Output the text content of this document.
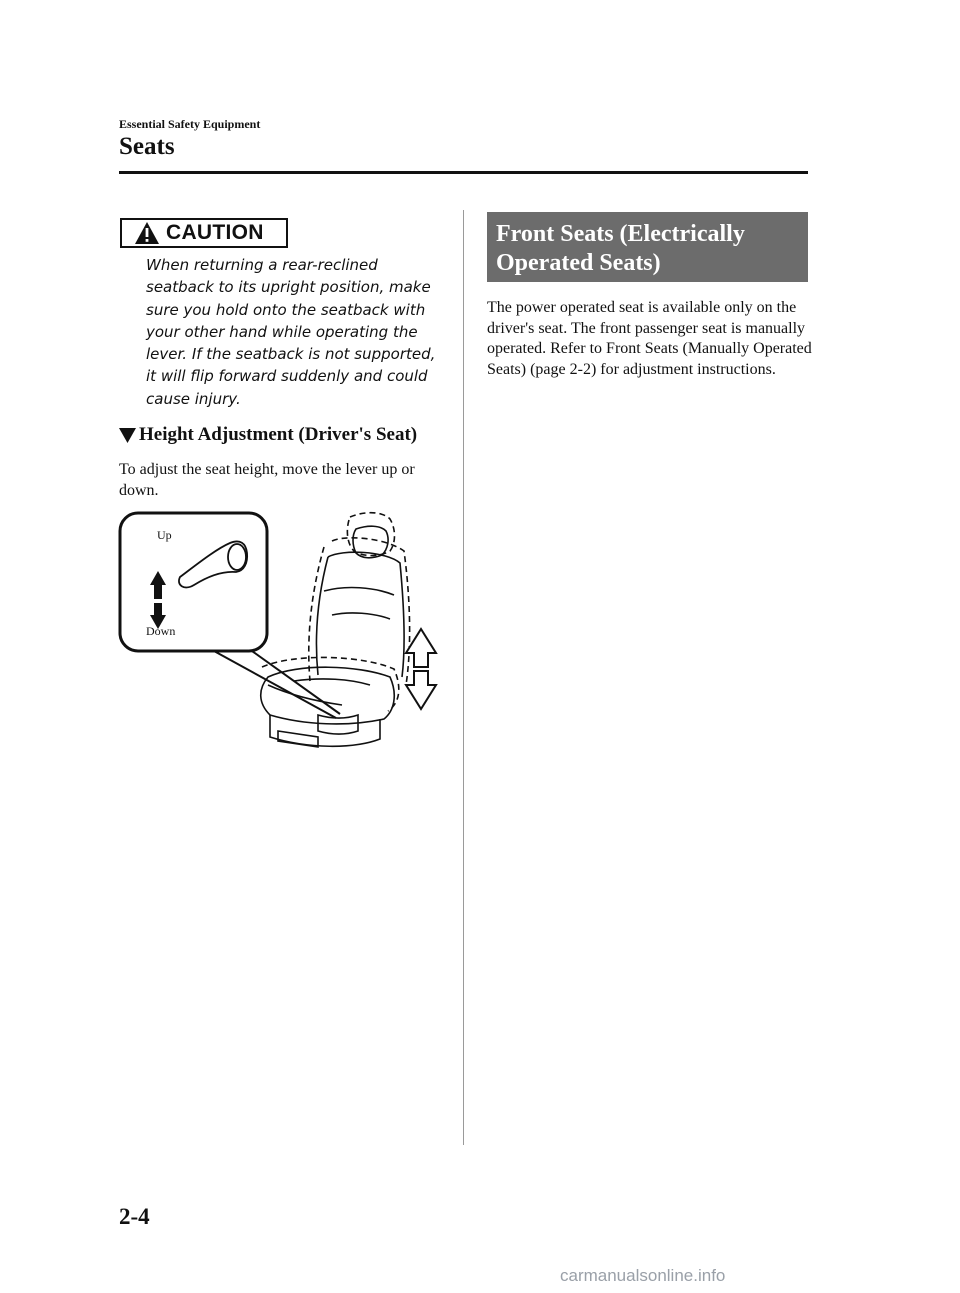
Essential Safety Equipment
Seats
CAUTION
When returning a rear-reclined seatback to its upright position, make sure you hold onto the seatback with your other hand while operating the lever. If the seatback is not supported, it will flip forward suddenly and could cause injury.
Height Adjustment (Driver's Seat)
To adjust the seat height, move the lever up or down.
Up
Down
Front Seats (Electrically
Operated Seats)
The power operated seat is available only on the driver's seat. The front passenger seat is manually operated. Refer to Front Seats (Manually Operated Seats) (page 2-2) for adjustment instructions.
2-4
carmanualsonline.info
